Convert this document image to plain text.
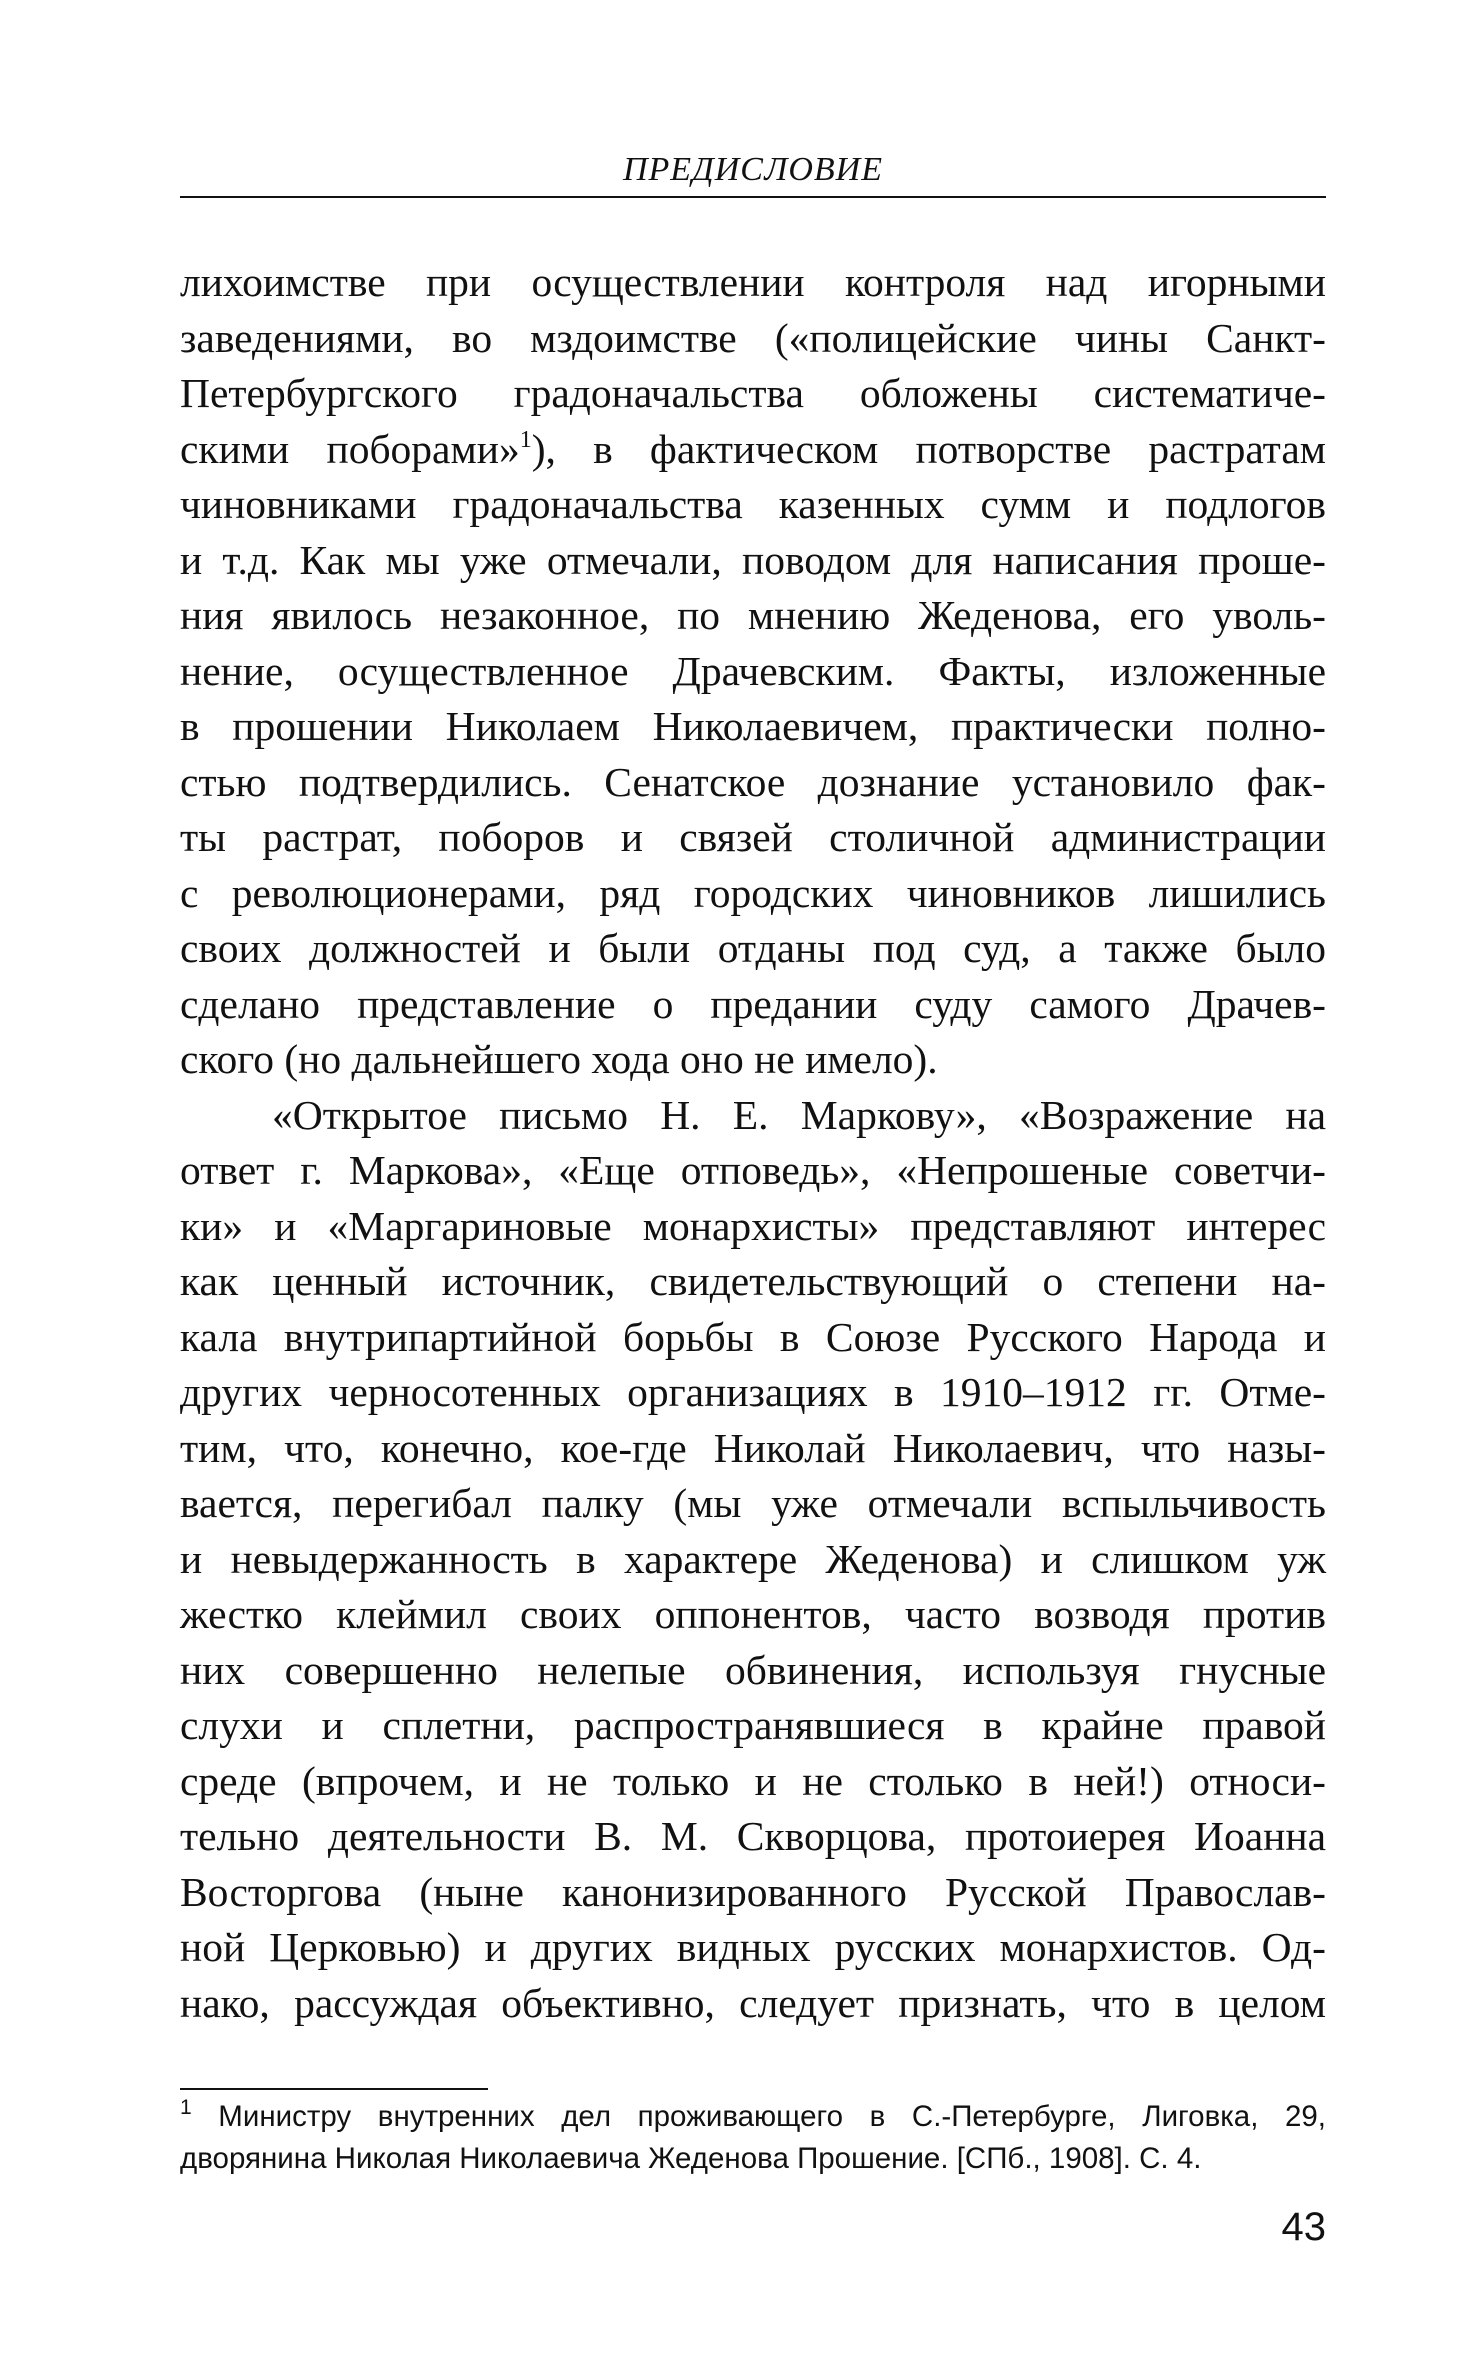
ПРЕДИСЛОВИЕ

лихоимстве при осуществлении контроля над игорными
заведениями, во мздоимстве («полицейские чины Санкт-
Петербургского градоначальства обложены систематиче-
скими поборами»$^1$), в фактическом потворстве растратам
чиновниками градоначальства казенных сумм и подлогов
и т.д. Как мы уже отмечали, поводом для написания проше-
ния явилось незаконное, по мнению Жеденова, его уволь-
нение, осуществленное Драчевским. Факты, изложенные
в прошении Николаем Николаевичем, практически полно-
стью подтвердились. Сенатское дознание установило фак-
ты растрат, поборов и связей столичной администрации
с революционерами, ряд городских чиновников лишились
своих должностей и были отданы под суд, а также было
сделано представление о предании суду самого Драчев-
ского (но дальнейшего хода оно не имело).

«Открытое письмо Н. Е. Маркову», «Возражение на
ответ г. Маркова», «Еще отповедь», «Непрошеные советчи-
ки» и «Маргариновые монархисты» представляют интерес
как ценный источник, свидетельствующий о степени на-
кала внутрипартийной борьбы в Союзе Русского Народа и
других черносотенных организациях в 1910–1912 гг. Отме-
тим, что, конечно, кое-где Николай Николаевич, что назы-
вается, перегибал палку (мы уже отмечали вспыльчивость
и невыдержанность в характере Жеденова) и слишком уж
жестко клеймил своих оппонентов, часто возводя против
них совершенно нелепые обвинения, используя гнусные
слухи и сплетни, распространявшиеся в крайне правой
среде (впрочем, и не только и не столько в ней!) относи-
тельно деятельности В. М. Скворцова, протоиерея Иоанна
Восторгова (ныне канонизированного Русской Православ-
ной Церковью) и других видных русских монархистов. Од-
нако, рассуждая объективно, следует признать, что в целом

$^1$ Министру внутренних дел проживающего в С.-Петербурге, Лиговка, 29,
дворянина Николая Николаевича Жеденова Прошение. [СПб., 1908]. С. 4.
43
